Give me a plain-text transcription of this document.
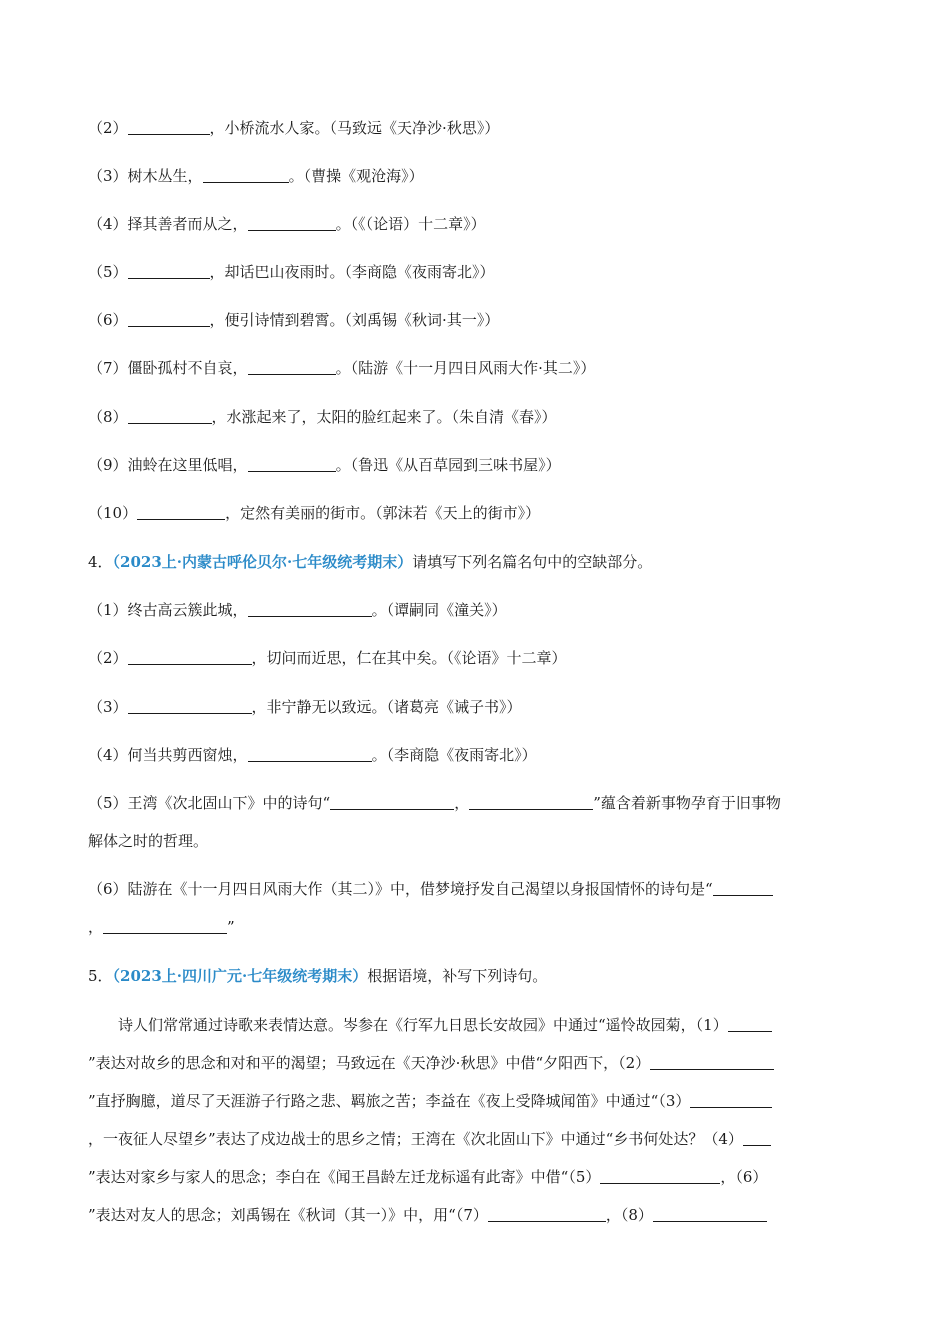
（2）	，小桥流水人家。（马致远《天净沙·秋思》）
（3）树木丛生，	。（曹操《观沧海》）
（4）择其善者而从之，	。（《（论语）十二章》）
（5）	，却话巴山夜雨时。（李商隐《夜雨寄北》）
（6）	，便引诗情到碧霄。（刘禹锡《秋词·其一》）
（7）僵卧孤村不自哀，	。（陆游《十一月四日风雨大作·其二》）
（8）	，水涨起来了，太阳的脸红起来了。（朱自清《春》）
（9）油蛉在这里低唱，	。（鲁迅《从百草园到三味书屋》）
（10）	，定然有美丽的街市。（郭沫若《天上的街市》）
4．（2023上·内蒙古呼伦贝尔·七年级统考期末）请填写下列名篇名句中的空缺部分。
（1）终古高云簇此城，	。（谭嗣同《潼关》）
（2）	，切问而近思，仁在其中矣。（《论语》十二章）
（3）	，非宁静无以致远。（诸葛亮《诫子书》）
（4）何当共剪西窗烛，	。（李商隐《夜雨寄北》）
（5）王湾《次北固山下》中的诗句“	，	”蕴含着新事物孕育于旧事物
解体之时的哲理。
（6）陆游在《十一月四日风雨大作（其二）》中，借梦境抒发自己渴望以身报国情怀的诗句是“
，	”
5．（2023上·四川广元·七年级统考期末）根据语境，补写下列诗句。
诗人们常常通过诗歌来表情达意。岑参在《行军九日思长安故园》中通过“遥怜故园菊，（1）
”表达对故乡的思念和对和平的渴望；马致远在《天净沙·秋思》中借“夕阳西下，（2）
”直抒胸臆，道尽了天涯游子行路之悲、羁旅之苦；李益在《夜上受降城闻笛》中通过“（3）
，一夜征人尽望乡”表达了戍边战士的思乡之情；王湾在《次北固山下》中通过“乡书何处达？（4）
”表达对家乡与家人的思念；李白在《闻王昌龄左迁龙标遥有此寄》中借“（5）	，（6）
”表达对友人的思念；刘禹锡在《秋词（其一）》中，用“（7）	，（8）
